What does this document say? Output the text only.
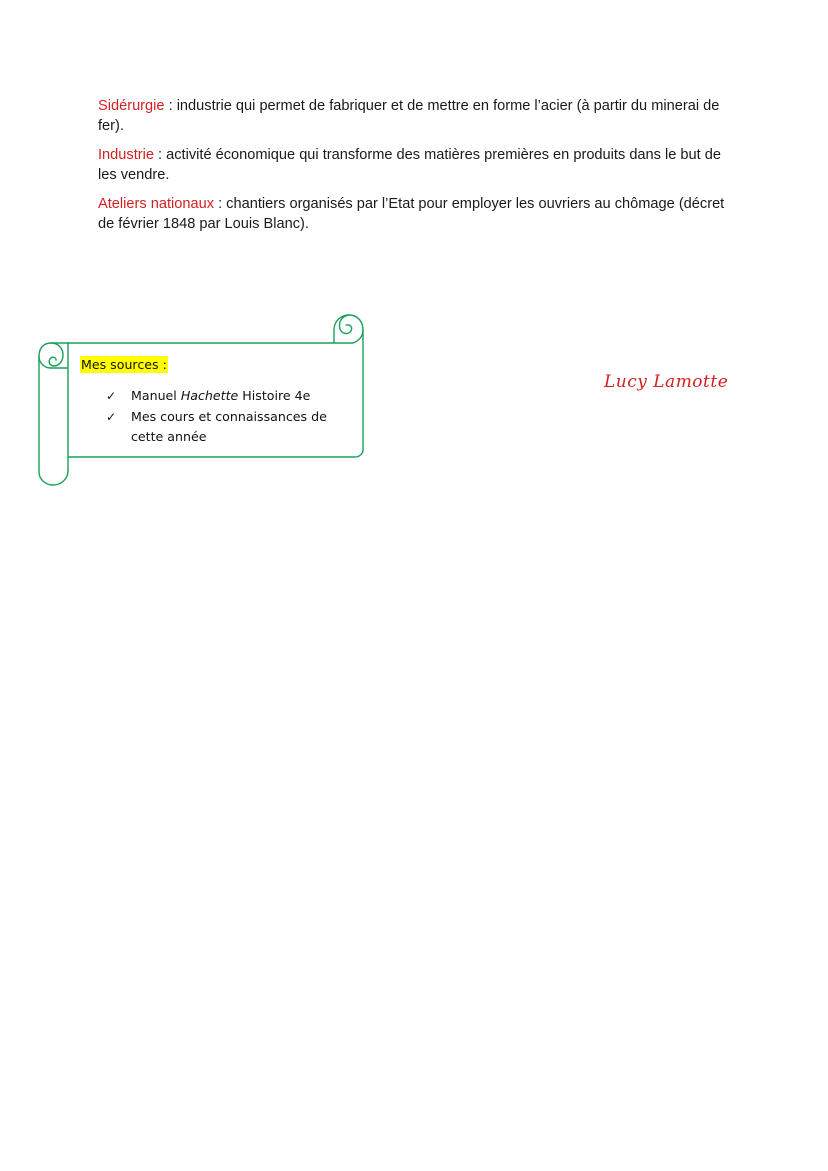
Sidérurgie : industrie qui permet de fabriquer et de mettre en forme l’acier (à partir du minerai de fer).

Industrie : activité économique qui transforme des matières premières en produits dans le but de les vendre.

Ateliers nationaux : chantiers organisés par l’Etat pour employer les ouvriers au chômage (décret de février 1848 par Louis Blanc).

Mes sources :
✓ Manuel Hachette Histoire 4e
✓ Mes cours et connaissances de cette année
Lucy Lamotte
